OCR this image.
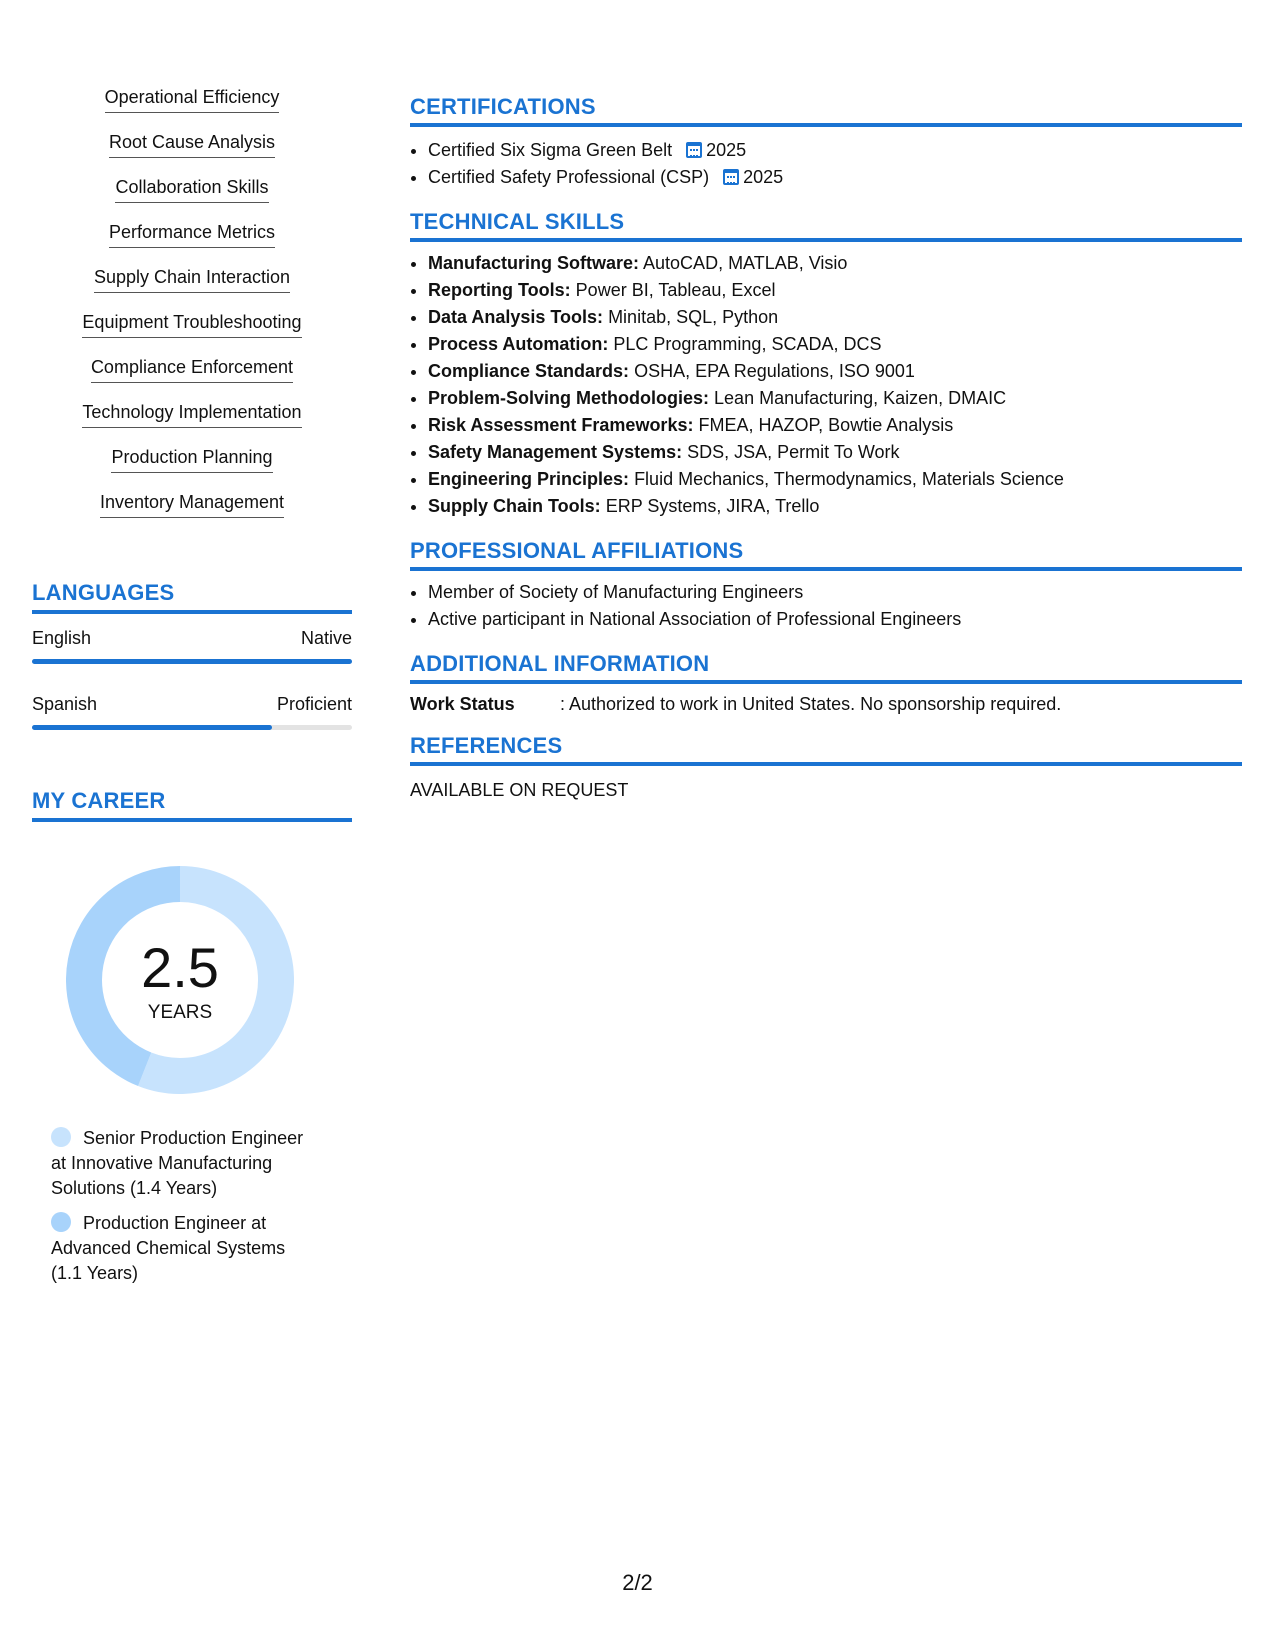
Operational Efficiency
Root Cause Analysis
Collaboration Skills
Performance Metrics
Supply Chain Interaction
Equipment Troubleshooting
Compliance Enforcement
Technology Implementation
Production Planning
Inventory Management
LANGUAGES
English	Native
Spanish	Proficient
MY CAREER
2.5
YEARS
Senior Production Engineer at Innovative Manufacturing Solutions (1.4 Years)
Production Engineer at Advanced Chemical Systems (1.1 Years)
CERTIFICATIONS
• Certified Six Sigma Green Belt 2025
• Certified Safety Professional (CSP) 2025
TECHNICAL SKILLS
• Manufacturing Software: AutoCAD, MATLAB, Visio
• Reporting Tools: Power BI, Tableau, Excel
• Data Analysis Tools: Minitab, SQL, Python
• Process Automation: PLC Programming, SCADA, DCS
• Compliance Standards: OSHA, EPA Regulations, ISO 9001
• Problem-Solving Methodologies: Lean Manufacturing, Kaizen, DMAIC
• Risk Assessment Frameworks: FMEA, HAZOP, Bowtie Analysis
• Safety Management Systems: SDS, JSA, Permit To Work
• Engineering Principles: Fluid Mechanics, Thermodynamics, Materials Science
• Supply Chain Tools: ERP Systems, JIRA, Trello
PROFESSIONAL AFFILIATIONS
• Member of Society of Manufacturing Engineers
• Active participant in National Association of Professional Engineers
ADDITIONAL INFORMATION
Work Status	: Authorized to work in United States. No sponsorship required.
REFERENCES
AVAILABLE ON REQUEST
2/2
